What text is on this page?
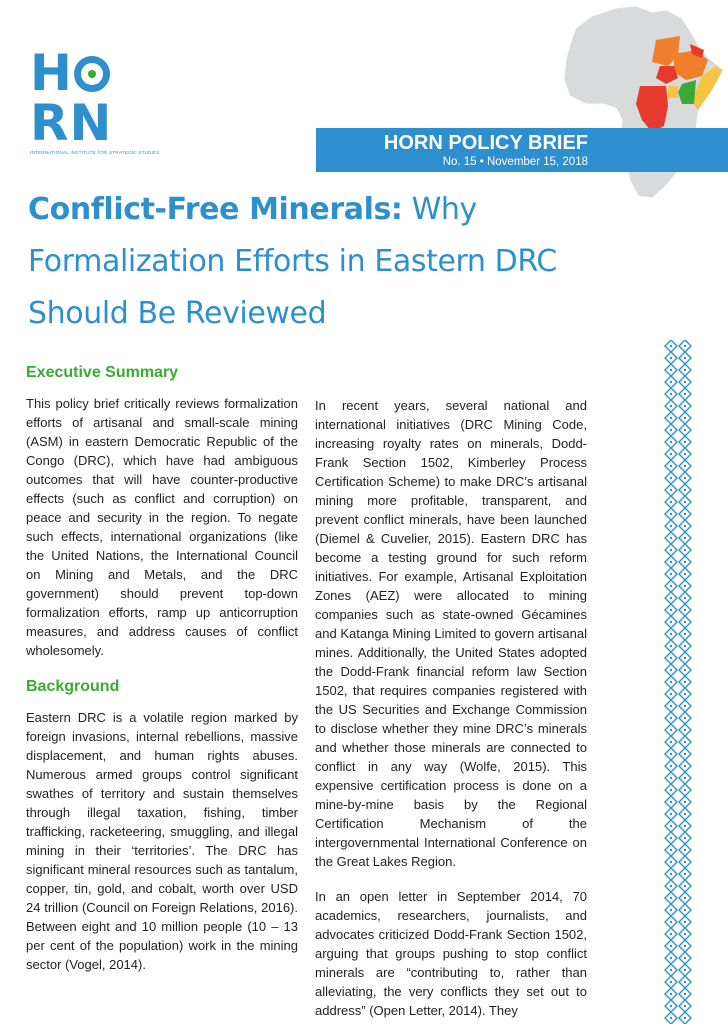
HRN
INTERNATIONAL INSTITUTE FOR STRATEGIC STUDIES	HORN POLICY BRIEF
No. 15 • November 15, 2018
Conflict-Free Minerals: Why Formalization Efforts in Eastern DRC Should Be Reviewed
Executive Summary

This policy brief critically reviews formalization efforts of artisanal and small-scale mining (ASM) in eastern Democratic Republic of the Congo (DRC), which have had ambiguous outcomes that will have counter-productive effects (such as conflict and corruption) on peace and security in the region. To negate such effects, international organizations (like the United Nations, the International Council on Mining and Metals, and the DRC government) should prevent top-down formalization efforts, ramp up anticorruption measures, and address causes of conflict wholesomely.

Background

Eastern DRC is a volatile region marked by foreign invasions, internal rebellions, massive displacement, and human rights abuses. Numerous armed groups control significant swathes of territory and sustain themselves through illegal taxation, fishing, timber trafficking, racketeering, smuggling, and illegal mining in their ‘territories’. The DRC has significant mineral resources such as tantalum, copper, tin, gold, and cobalt, worth over USD 24 trillion (Council on Foreign Relations, 2016). Between eight and 10 million people (10 – 13 per cent of the population) work in the mining sector (Vogel, 2014).

In recent years, several national and international initiatives (DRC Mining Code, increasing royalty rates on minerals, Dodd-Frank Section 1502, Kimberley Process Certification Scheme) to make DRC’s artisanal mining more profitable, transparent, and prevent conflict minerals, have been launched (Diemel & Cuvelier, 2015). Eastern DRC has become a testing ground for such reform initiatives. For example, Artisanal Exploitation Zones (AEZ) were allocated to mining companies such as state-owned Gécamines and Katanga Mining Limited to govern artisanal mines. Additionally, the United States adopted the Dodd-Frank financial reform law Section 1502, that requires companies registered with the US Securities and Exchange Commission to disclose whether they mine DRC’s minerals and whether those minerals are connected to conflict in any way (Wolfe, 2015). This expensive certification process is done on a mine-by-mine basis by the Regional Certification Mechanism of the intergovernmental International Conference on the Great Lakes Region.

In an open letter in September 2014, 70 academics, researchers, journalists, and advocates criticized Dodd-Frank Section 1502, arguing that groups pushing to stop conflict minerals are “contributing to, rather than alleviating, the very conflicts they set out to address” (Open Letter, 2014). They
